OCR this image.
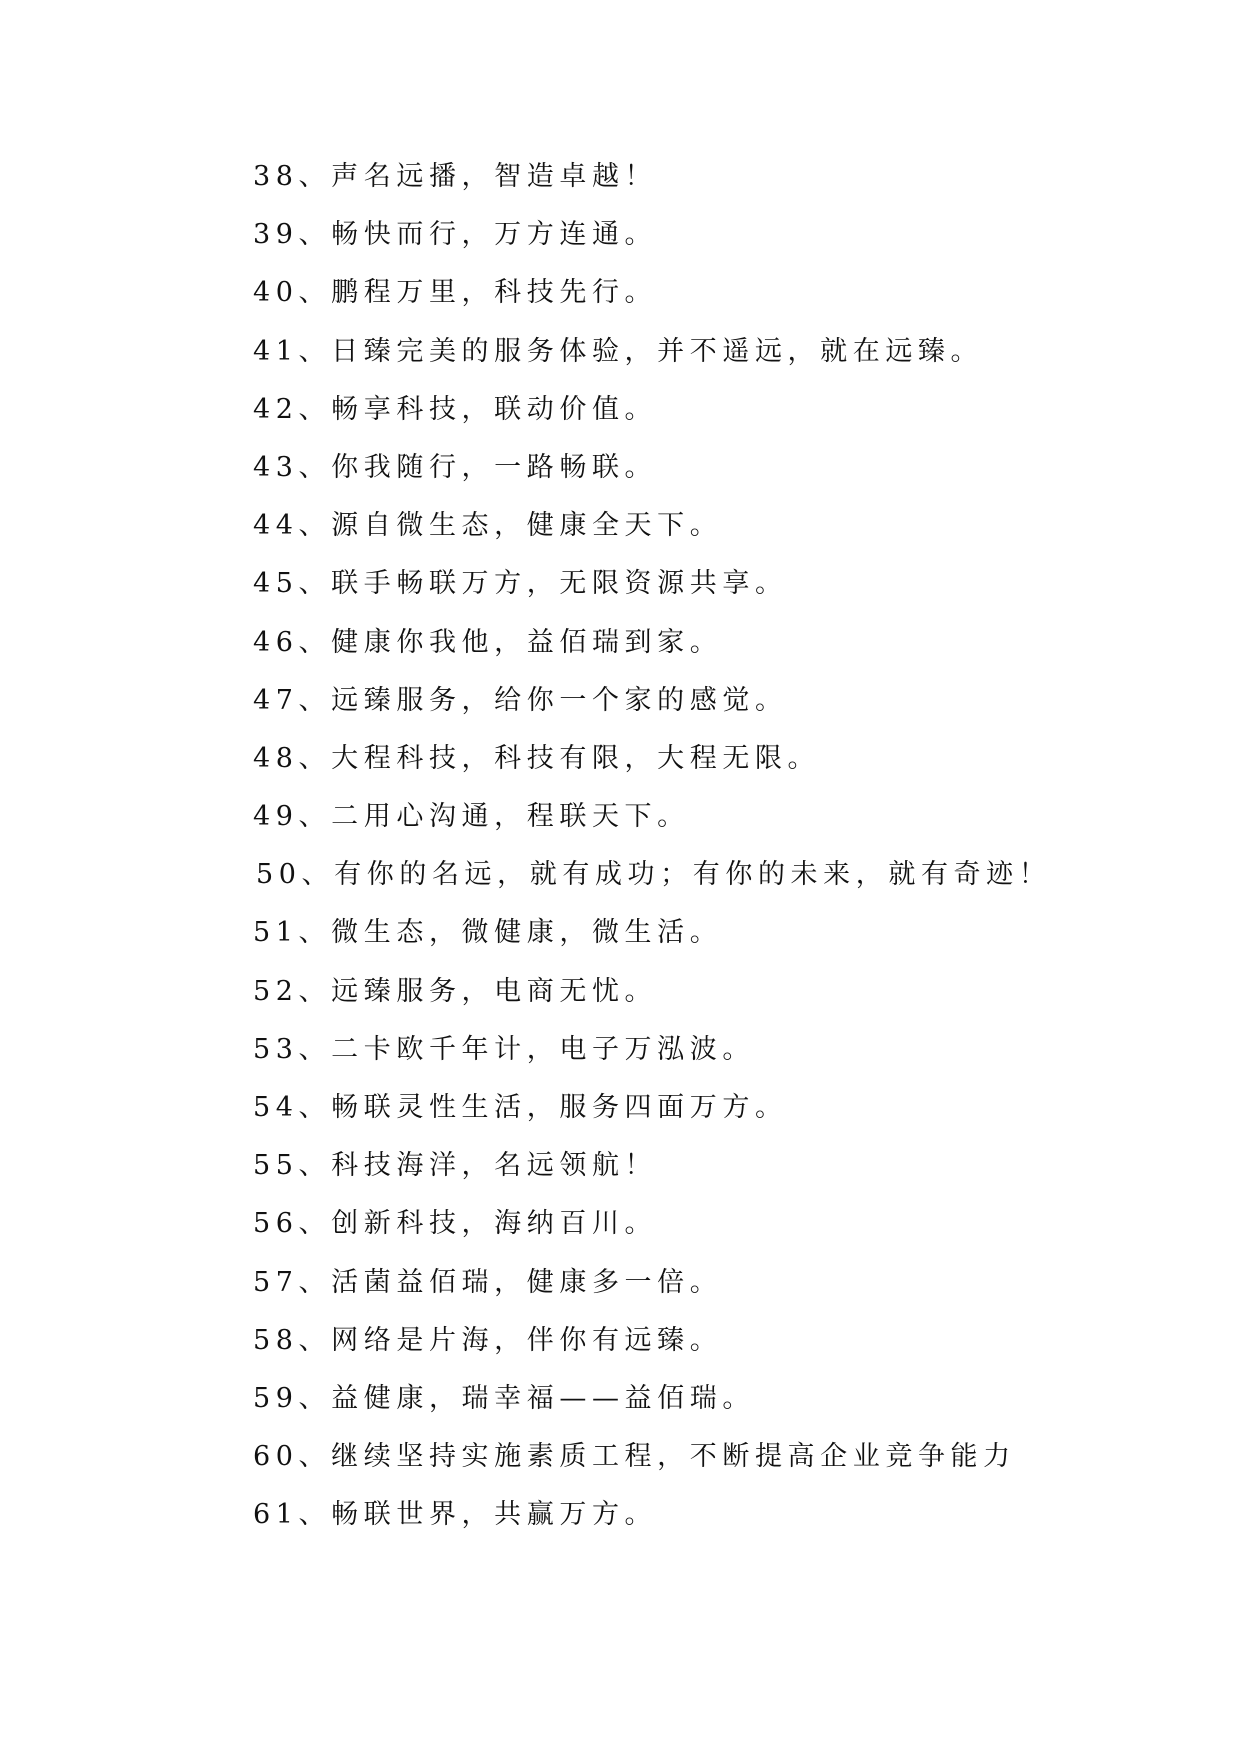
38、声名远播，智造卓越！
39、畅快而行，万方连通。
40、鹏程万里，科技先行。
41、日臻完美的服务体验，并不遥远，就在远臻。
42、畅享科技，联动价值。
43、你我随行，一路畅联。
44、源自微生态，健康全天下。
45、联手畅联万方，无限资源共享。
46、健康你我他，益佰瑞到家。
47、远臻服务，给你一个家的感觉。
48、大程科技，科技有限，大程无限。
49、二用心沟通，程联天下。
50、有你的名远，就有成功；有你的未来，就有奇迹！
51、微生态，微健康，微生活。
52、远臻服务，电商无忧。
53、二卡欧千年计，电子万泓波。
54、畅联灵性生活，服务四面万方。
55、科技海洋，名远领航！
56、创新科技，海纳百川。
57、活菌益佰瑞，健康多一倍。
58、网络是片海，伴你有远臻。
59、益健康，瑞幸福——益佰瑞。
60、继续坚持实施素质工程，不断提高企业竞争能力
61、畅联世界，共赢万方。
